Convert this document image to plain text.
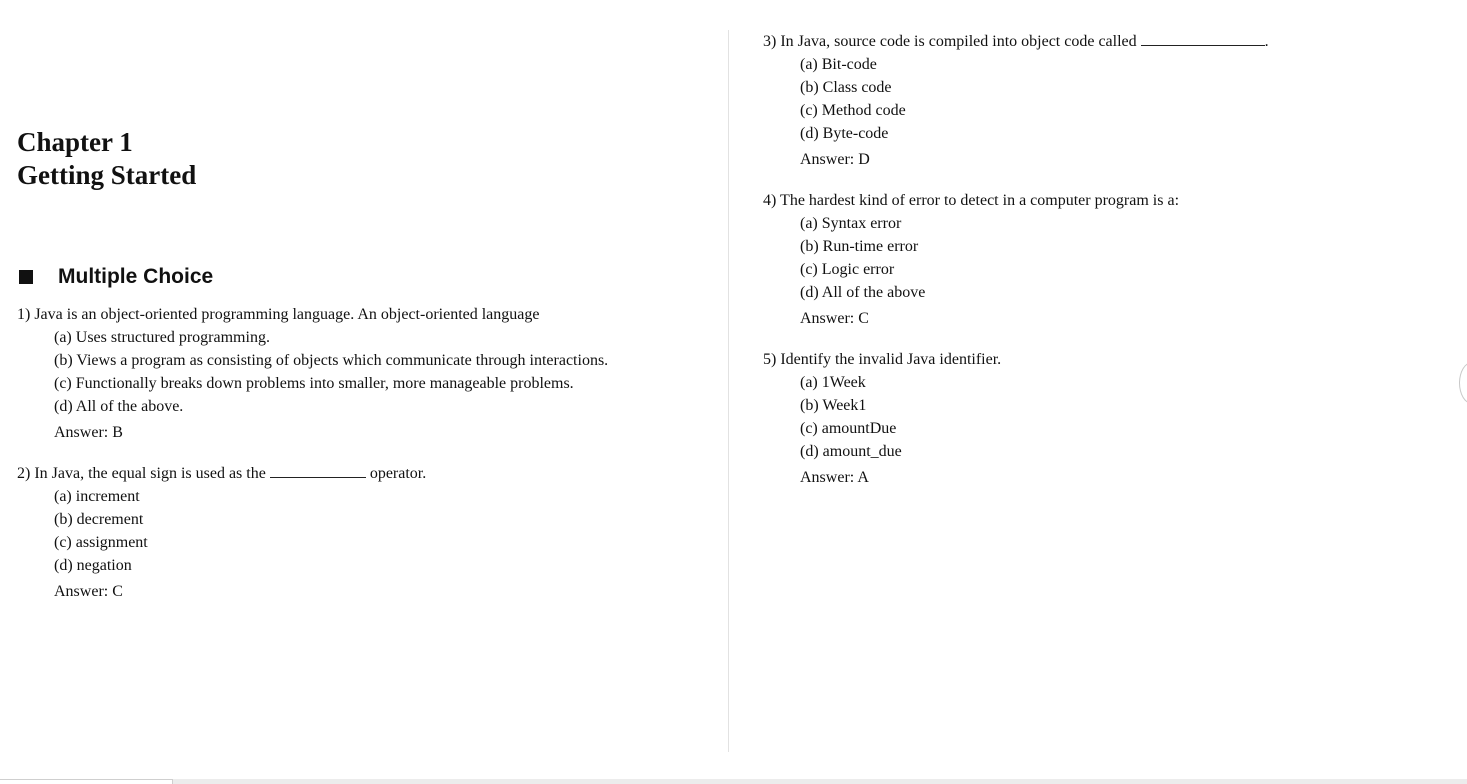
Chapter 1
Getting Started
Multiple Choice
1) Java is an object-oriented programming language. An object-oriented language
(a) Uses structured programming.
(b) Views a program as consisting of objects which communicate through interactions.
(c) Functionally breaks down problems into smaller, more manageable problems.
(d) All of the above.
Answer: B
2) In Java, the equal sign is used as the	operator.
(a) increment
(b) decrement
(c) assignment
(d) negation
Answer: C
3) In Java, source code is compiled into object code called	.
(a) Bit-code
(b) Class code
(c) Method code
(d) Byte-code
Answer: D
4) The hardest kind of error to detect in a computer program is a:
(a) Syntax error
(b) Run-time error
(c) Logic error
(d) All of the above
Answer: C
5) Identify the invalid Java identifier.
(a) 1Week
(b) Week1
(c) amountDue
(d) amount_due
Answer: A
